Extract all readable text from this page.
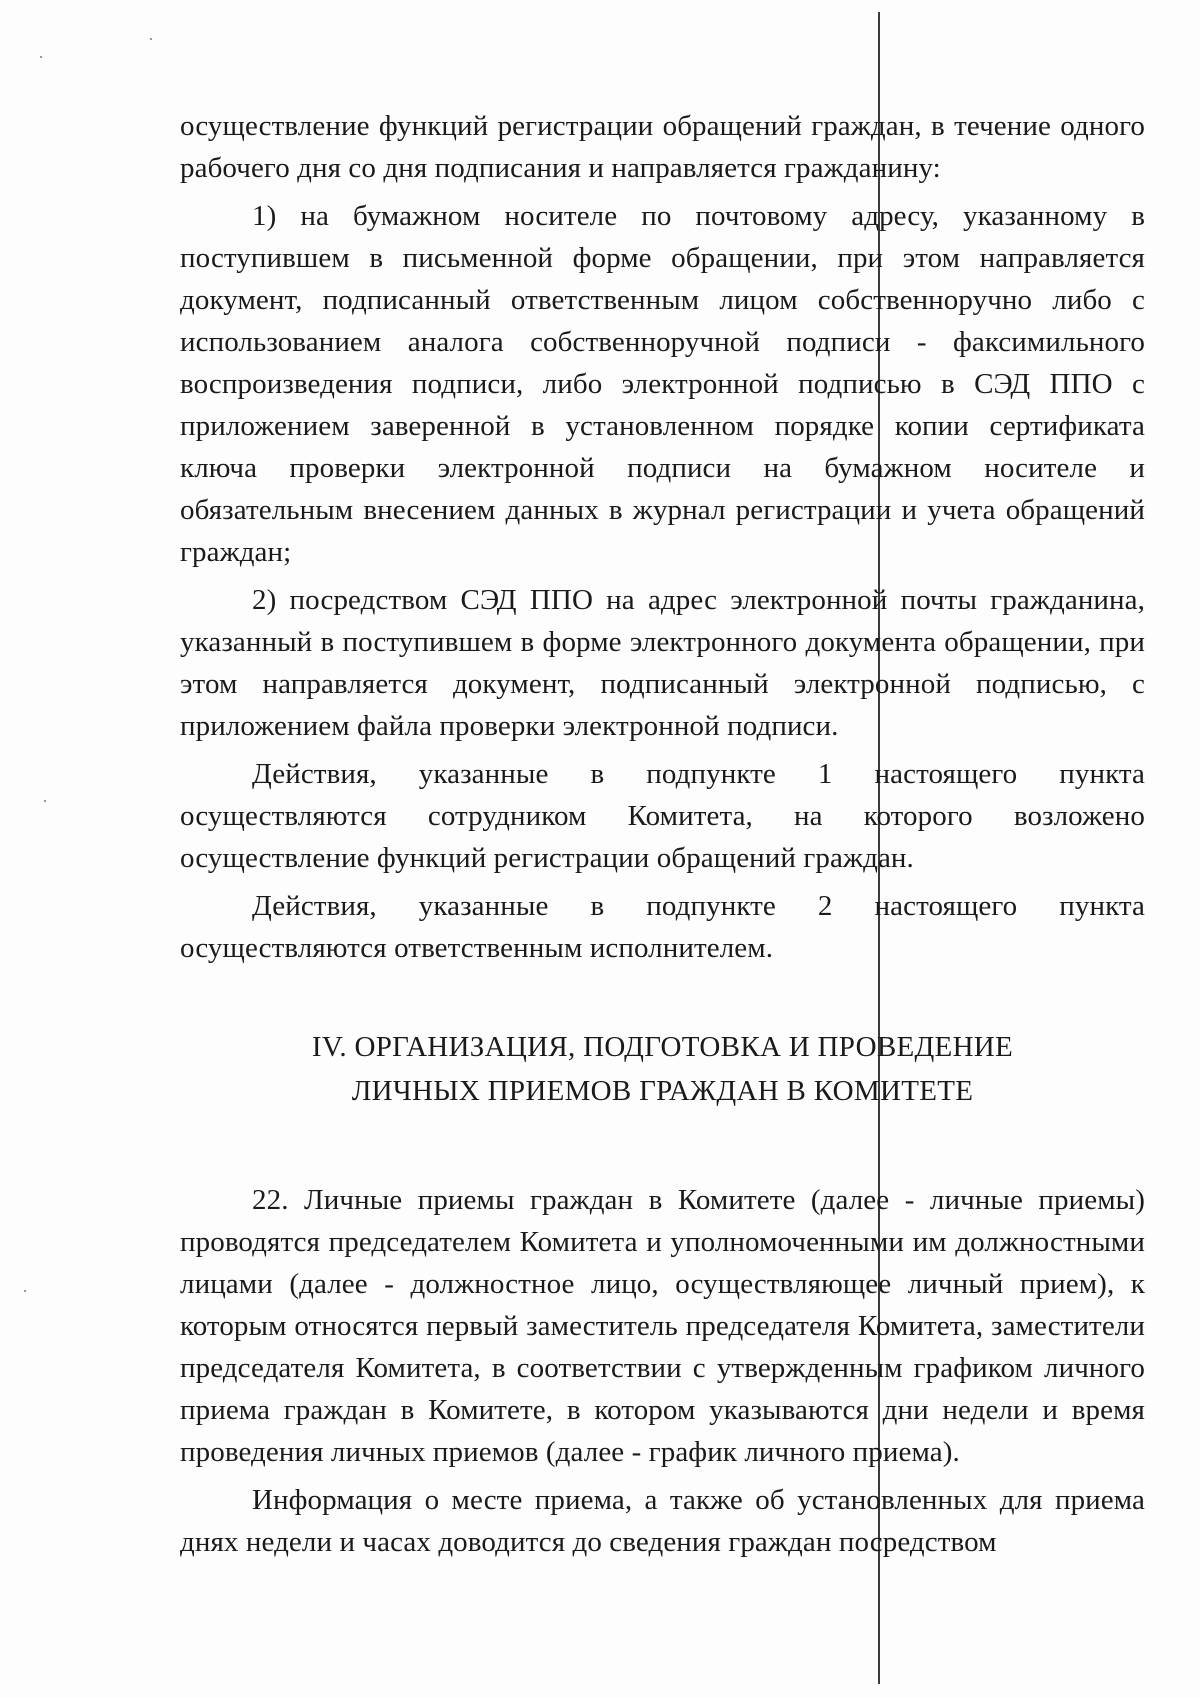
осуществление функций регистрации обращений граждан, в течение одного рабочего дня со дня подписания и направляется гражданину:

1) на бумажном носителе по почтовому адресу, указанному в поступившем в письменной форме обращении, при этом направляется документ, подписанный ответственным лицом собственноручно либо с использованием аналога собственноручной подписи - факсимильного воспроизведения подписи, либо электронной подписью в СЭД ППО с приложением заверенной в установленном порядке копии сертификата ключа проверки электронной подписи на бумажном носителе и обязательным внесением данных в журнал регистрации и учета обращений граждан;

2) посредством СЭД ППО на адрес электронной почты гражданина, указанный в поступившем в форме электронного документа обращении, при этом направляется документ, подписанный электронной подписью, с приложением файла проверки электронной подписи.

Действия, указанные в подпункте 1 настоящего пункта осуществляются сотрудником Комитета, на которого возложено осуществление функций регистрации обращений граждан.

Действия, указанные в подпункте 2 настоящего пункта осуществляются ответственным исполнителем.

IV. ОРГАНИЗАЦИЯ, ПОДГОТОВКА И ПРОВЕДЕНИЕ
ЛИЧНЫХ ПРИЕМОВ ГРАЖДАН В КОМИТЕТЕ

22. Личные приемы граждан в Комитете (далее - личные приемы) проводятся председателем Комитета и уполномоченными им должностными лицами (далее - должностное лицо, осуществляющее личный прием), к которым относятся первый заместитель председателя Комитета, заместители председателя Комитета, в соответствии с утвержденным графиком личного приема граждан в Комитете, в котором указываются дни недели и время проведения личных приемов (далее - график личного приема).

Информация о месте приема, а также об установленных для приема днях недели и часах доводится до сведения граждан посредством
